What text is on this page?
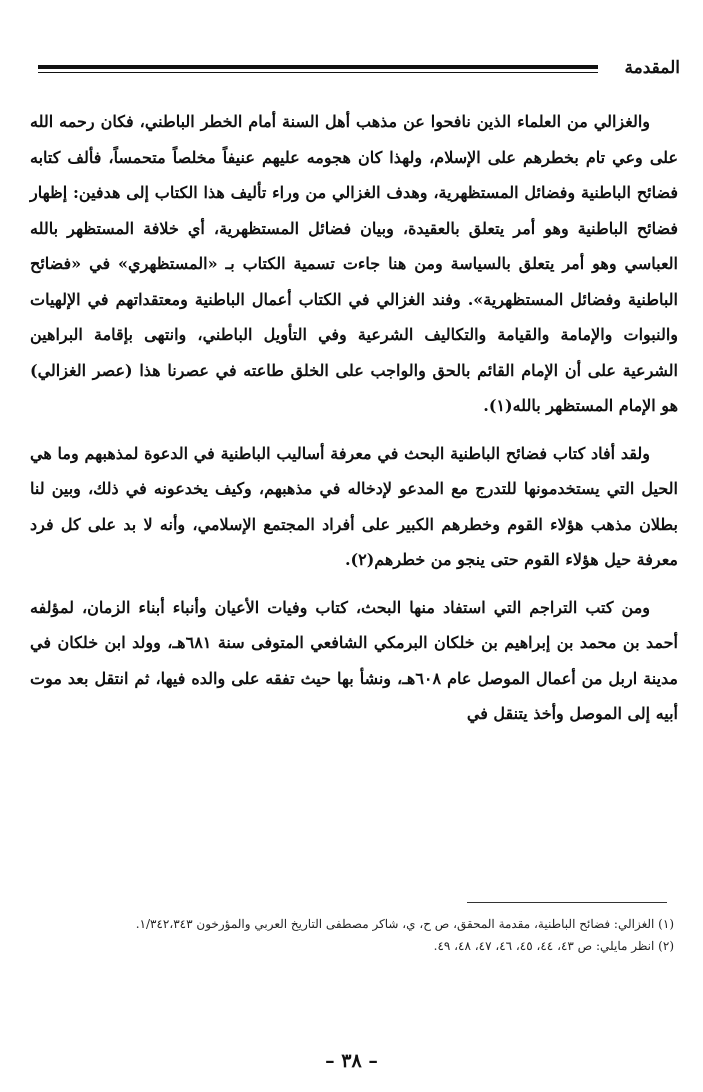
المقدمة

والغزالي من العلماء الذين نافحوا عن مذهب أهل السنة أمام الخطر الباطني، فكان رحمه الله على وعي تام بخطرهم على الإسلام، ولهذا كان هجومه عليهم عنيفاً مخلصاً متحمساً، فألف كتابه فضائح الباطنية وفضائل المستظهرية، وهدف الغزالي من وراء تأليف هذا الكتاب إلى هدفين: إظهار فضائح الباطنية وهو أمر يتعلق بالعقيدة، وبيان فضائل المستظهرية، أي خلافة المستظهر بالله العباسي وهو أمر يتعلق بالسياسة ومن هنا جاءت تسمية الكتاب بـ «المستظهري» في «فضائح الباطنية وفضائل المستظهرية». وفند الغزالي في الكتاب أعمال الباطنية ومعتقداتهم في الإلهيات والنبوات والإمامة والقيامة والتكاليف الشرعية وفي التأويل الباطني، وانتهى بإقامة البراهين الشرعية على أن الإمام القائم بالحق والواجب على الخلق طاعته في عصرنا هذا (عصر الغزالي) هو الإمام المستظهر بالله(١).

ولقد أفاد كتاب فضائح الباطنية البحث في معرفة أساليب الباطنية في الدعوة لمذهبهم وما هي الحيل التي يستخدمونها للتدرج مع المدعو لإدخاله في مذهبهم، وكيف يخدعونه في ذلك، وبين لنا بطلان مذهب هؤلاء القوم وخطرهم الكبير على أفراد المجتمع الإسلامي، وأنه لا بد على كل فرد معرفة حيل هؤلاء القوم حتى ينجو من خطرهم(٢).

ومن كتب التراجم التي استفاد منها البحث، كتاب وفيات الأعيان وأنباء أبناء الزمان، لمؤلفه أحمد بن محمد بن إبراهيم بن خلكان البرمكي الشافعي المتوفى سنة ٦٨١هـ، وولد ابن خلكان في مدينة اربل من أعمال الموصل عام ٦٠٨هـ، ونشأ بها حيث تفقه على والده فيها، ثم انتقل بعد موت أبيه إلى الموصل وأخذ يتنقل في

(١) الغزالي: فضائح الباطنية، مقدمة المحقق، ص ح، ي، شاكر مصطفى التاريخ العربي والمؤرخون ١/٣٤٢،٣٤٣.

(٢) انظر مايلي: ص ٤٣، ٤٤، ٤٥، ٤٦، ٤٧، ٤٨، ٤٩.

– ٣٨ –
